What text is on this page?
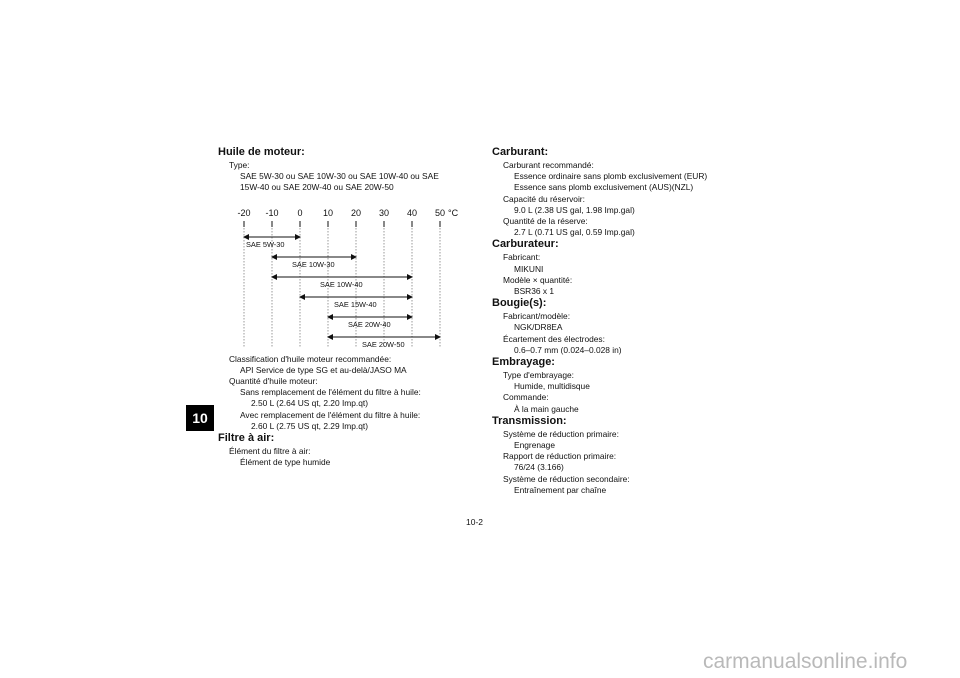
10
Huile de moteur:
Type:
SAE 5W-30 ou SAE 10W-30 ou SAE 10W-40 ou SAE
15W-40 ou SAE 20W-40 ou SAE 20W-50
-20 -10 0 10 20 30 40 50 °C
SAE 5W-30
SAE 10W-30
SAE 10W-40
SAE 15W-40
SAE 20W-40
SAE 20W-50
Classification d'huile moteur recommandée:
API Service de type SG et au-delà/JASO MA
Quantité d'huile moteur:
Sans remplacement de l'élément du filtre à huile:
2.50 L (2.64 US qt, 2.20 Imp.qt)
Avec remplacement de l'élément du filtre à huile:
2.60 L (2.75 US qt, 2.29 Imp.qt)
Filtre à air:
Élément du filtre à air:
Élément de type humide
Carburant:
Carburant recommandé:
Essence ordinaire sans plomb exclusivement (EUR)
Essence sans plomb exclusivement (AUS)(NZL)
Capacité du réservoir:
9.0 L (2.38 US gal, 1.98 Imp.gal)
Quantité de la réserve:
2.7 L (0.71 US gal, 0.59 Imp.gal)
Carburateur:
Fabricant:
MIKUNI
Modèle × quantité:
BSR36 x 1
Bougie(s):
Fabricant/modèle:
NGK/DR8EA
Écartement des électrodes:
0.6–0.7 mm (0.024–0.028 in)
Embrayage:
Type d'embrayage:
Humide, multidisque
Commande:
À la main gauche
Transmission:
Système de réduction primaire:
Engrenage
Rapport de réduction primaire:
76/24 (3.166)
Système de réduction secondaire:
Entraînement par chaîne
10-2
carmanualsonline.info
